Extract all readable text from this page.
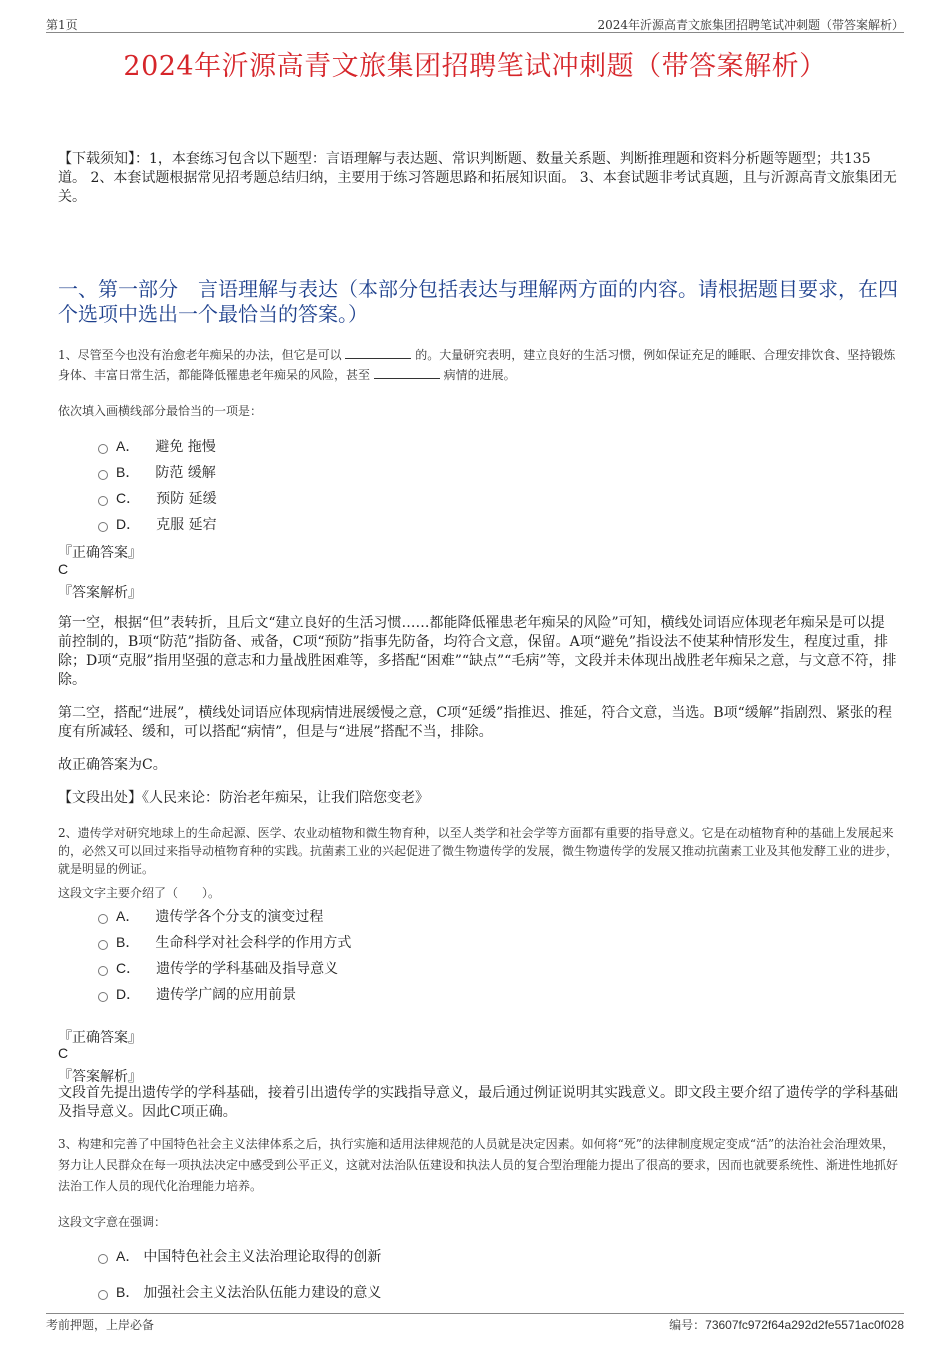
第1页	2024年沂源高青文旅集团招聘笔试冲刺题（带答案解析）
2024年沂源高青文旅集团招聘笔试冲刺题（带答案解析）
【下载须知】：1，本套练习包含以下题型：言语理解与表达题、常识判断题、数量关系题、判断推理题和资料分析题等题型；共135道。 2、本套试题根据常见招考题总结归纳，主要用于练习答题思路和拓展知识面。 3、本套试题非考试真题，且与沂源高青文旅集团无关。
一、第一部分　言语理解与表达（本部分包括表达与理解两方面的内容。请根据题目要求，在四个选项中选出一个最恰当的答案。）
1、尽管至今也没有治愈老年痴呆的办法，但它是可以	的。大量研究表明，建立良好的生活习惯，例如保证充足的睡眠、合理安排饮食、坚持锻炼身体、丰富日常生活，都能降低罹患老年痴呆的风险，甚至	病情的进展。
依次填入画横线部分最恰当的一项是：
A． 避免 拖慢
B． 防范 缓解
C． 预防 延缓
D． 克服 延宕
『正确答案』
C
『答案解析』
第一空，根据“但”表转折，且后文“建立良好的生活习惯……都能降低罹患老年痴呆的风险”可知，横线处词语应体现老年痴呆是可以提前控制的，B项“防范”指防备、戒备，C项“预防”指事先防备，均符合文意，保留。A项“避免”指设法不使某种情形发生，程度过重，排除；D项“克服”指用坚强的意志和力量战胜困难等，多搭配“困难”“缺点”“毛病”等，文段并未体现出战胜老年痴呆之意，与文意不符，排除。
第二空，搭配“进展”，横线处词语应体现病情进展缓慢之意，C项“延缓”指推迟、推延，符合文意，当选。B项“缓解”指剧烈、紧张的程度有所减轻、缓和，可以搭配“病情”，但是与“进展”搭配不当，排除。
故正确答案为C。
【文段出处】《人民来论：防治老年痴呆，让我们陪您变老》
2、遗传学对研究地球上的生命起源、医学、农业动植物和微生物育种，以至人类学和社会学等方面都有重要的指导意义。它是在动植物育种的基础上发展起来的，必然又可以回过来指导动植物育种的实践。抗菌素工业的兴起促进了微生物遗传学的发展，微生物遗传学的发展又推动抗菌素工业及其他发酵工业的进步，就是明显的例证。
这段文字主要介绍了（　　）。
A． 遗传学各个分支的演变过程
B． 生命科学对社会科学的作用方式
C． 遗传学的学科基础及指导意义
D． 遗传学广阔的应用前景
『正确答案』
C
『答案解析』
文段首先提出遗传学的学科基础，接着引出遗传学的实践指导意义，最后通过例证说明其实践意义。即文段主要介绍了遗传学的学科基础及指导意义。因此C项正确。
3、构建和完善了中国特色社会主义法律体系之后，执行实施和适用法律规范的人员就是决定因素。如何将“死”的法律制度规定变成“活”的法治社会治理效果，努力让人民群众在每一项执法决定中感受到公平正义，这就对法治队伍建设和执法人员的复合型治理能力提出了很高的要求，因而也就要系统性、渐进性地抓好法治工作人员的现代化治理能力培养。
这段文字意在强调：
A． 中国特色社会主义法治理论取得的创新
B． 加强社会主义法治队伍能力建设的意义
考前押题，上岸必备	编号：73607fc972f64a292d2fe5571ac0f028
